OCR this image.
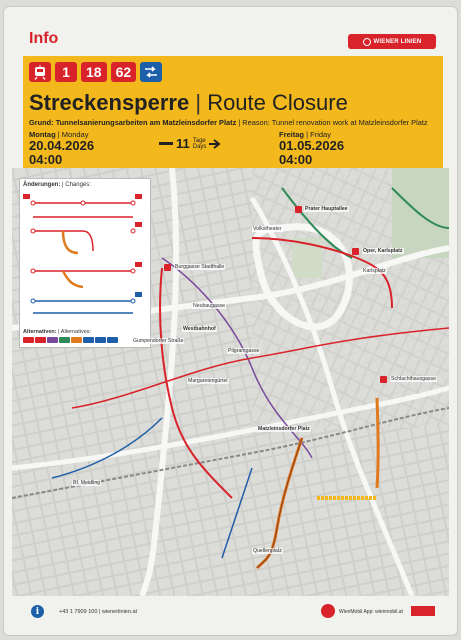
Info	WIENER LINIEN
1	18	62
Streckensperre | Route Closure
Grund: Tunnelsanierungsarbeiten am Matzleinsdorfer Platz | Reason: Tunnel renovation work at Matzleinsdorfer Platz
Montag | Monday
20.04.2026
04:00
11 Tage
Days
Freitag | Friday
01.05.2026
04:00
Änderungen: | Changes:
Alternativen: | Alternatives:
Prater Hauptallee
Volkstheater
Oper, Karlsplatz
Karlsplatz
Burggasse Stadthalle
Neubaugasse
Westbahnhof
Pilgramgasse
Gumpendorfer Straße
Margaretengürtel	Schlachthausgasse
Matzleinsdorfer Platz
Bf. Meidling
Quellenplatz
i	+43 1 7909 100 | wienerlinien.at	WienMobil App: wienmobil.at
